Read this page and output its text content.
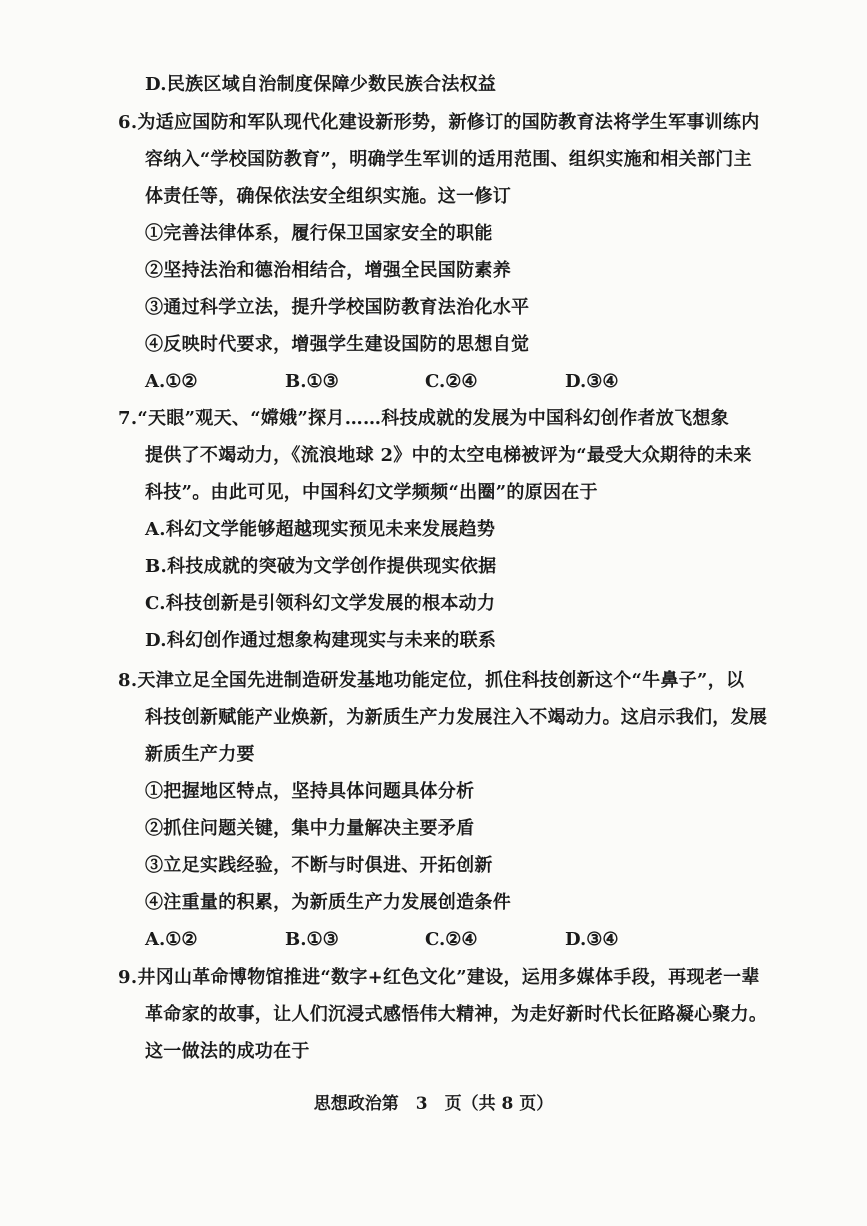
D.民族区域自治制度保障少数民族合法权益
6.为适应国防和军队现代化建设新形势，新修订的国防教育法将学生军事训练内
容纳入“学校国防教育”，明确学生军训的适用范围、组织实施和相关部门主
体责任等，确保依法安全组织实施。这一修订
①完善法律体系，履行保卫国家安全的职能
②坚持法治和德治相结合，增强全民国防素养
③通过科学立法，提升学校国防教育法治化水平
④反映时代要求，增强学生建设国防的思想自觉
A.①②	B.①③	C.②④	D.③④
7.“天眼”观天、“嫦娥”探月……科技成就的发展为中国科幻创作者放飞想象
提供了不竭动力，《流浪地球 2》中的太空电梯被评为“最受大众期待的未来
科技”。由此可见，中国科幻文学频频“出圈”的原因在于
A.科幻文学能够超越现实预见未来发展趋势
B.科技成就的突破为文学创作提供现实依据
C.科技创新是引领科幻文学发展的根本动力
D.科幻创作通过想象构建现实与未来的联系
8.天津立足全国先进制造研发基地功能定位，抓住科技创新这个“牛鼻子”，以
科技创新赋能产业焕新，为新质生产力发展注入不竭动力。这启示我们，发展
新质生产力要
①把握地区特点，坚持具体问题具体分析
②抓住问题关键，集中力量解决主要矛盾
③立足实践经验，不断与时俱进、开拓创新
④注重量的积累，为新质生产力发展创造条件
A.①②	B.①③	C.②④	D.③④
9.井冈山革命博物馆推进“数字+红色文化”建设，运用多媒体手段，再现老一辈
革命家的故事，让人们沉浸式感悟伟大精神，为走好新时代长征路凝心聚力。
这一做法的成功在于
思想政治第　3　页（共 8 页）
